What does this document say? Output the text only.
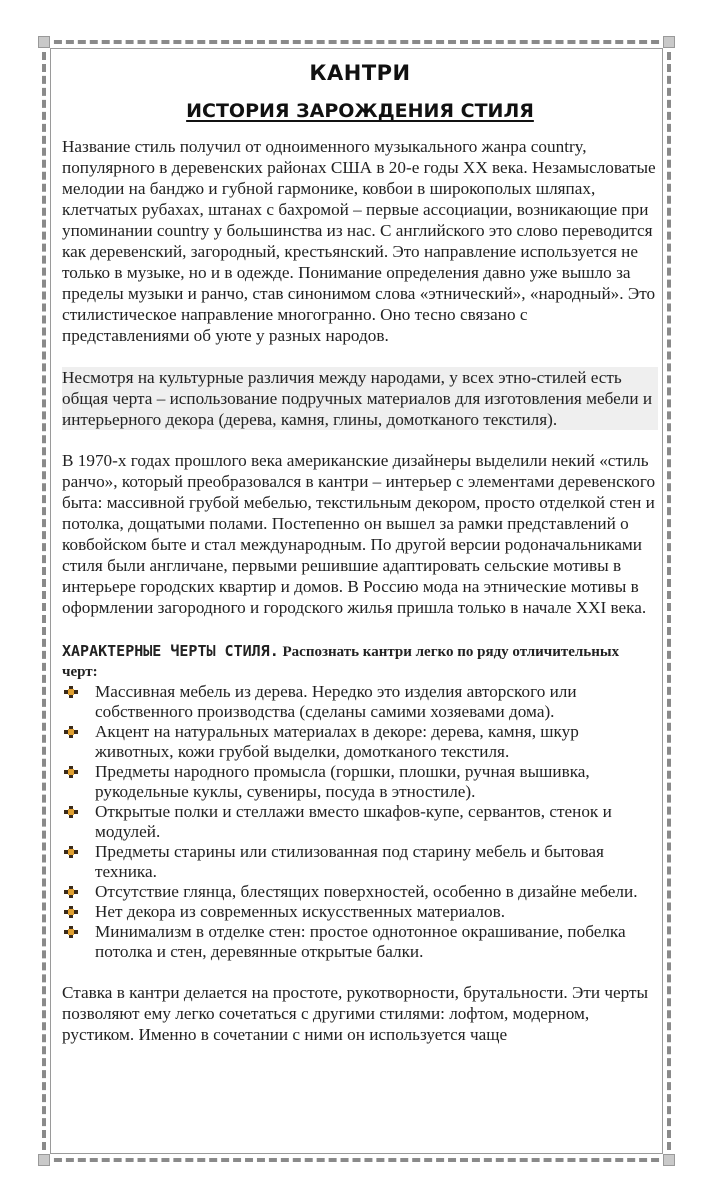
КАНТРИ
ИСТОРИЯ ЗАРОЖДЕНИЯ СТИЛЯ

Название стиль получил от одноименного музыкального жанра country, популярного в деревенских районах США в 20-е годы XX века. Незамысловатые мелодии на банджо и губной гармонике, ковбои в широкополых шляпах, клетчатых рубахах, штанах с бахромой – первые ассоциации, возникающие при упоминании country у большинства из нас. С английского это слово переводится как деревенский, загородный, крестьянский. Это направление используется не только в музыке, но и в одежде. Понимание определения давно уже вышло за пределы музыки и ранчо, став синонимом слова «этнический», «народный». Это стилистическое направление многогранно. Оно тесно связано с представлениями об уюте у разных народов.

Несмотря на культурные различия между народами, у всех этно-стилей есть общая черта – использование подручных материалов для изготовления мебели и интерьерного декора (дерева, камня, глины, домотканого текстиля).

В 1970-х годах прошлого века американские дизайнеры выделили некий «стиль ранчо», который преобразовался в кантри – интерьер с элементами деревенского быта: массивной грубой мебелью, текстильным декором, просто отделкой стен и потолка, дощатыми полами. Постепенно он вышел за рамки представлений о ковбойском быте и стал международным. По другой версии родоначальниками стиля были англичане, первыми решившие адаптировать сельские мотивы в интерьере городских квартир и домов. В Россию мода на этнические мотивы в оформлении загородного и городского жилья пришла только в начале XXI века.

ХАРАКТЕРНЫЕ ЧЕРТЫ СТИЛЯ. Распознать кантри легко по ряду отличительных черт:
Массивная мебель из дерева. Нередко это изделия авторского или собственного производства (сделаны самими хозяевами дома).
Акцент на натуральных материалах в декоре: дерева, камня, шкур животных, кожи грубой выделки, домотканого текстиля.
Предметы народного промысла (горшки, плошки, ручная вышивка, рукодельные куклы, сувениры, посуда в этностиле).
Открытые полки и стеллажи вместо шкафов-купе, сервантов, стенок и модулей.
Предметы старины или стилизованная под старину мебель и бытовая техника.
Отсутствие глянца, блестящих поверхностей, особенно в дизайне мебели.
Нет декора из современных искусственных материалов.
Минимализм в отделке стен: простое однотонное окрашивание, побелка потолка и стен, деревянные открытые балки.

Ставка в кантри делается на простоте, рукотворности, брутальности. Эти черты позволяют ему легко сочетаться с другими стилями: лофтом, модерном, рустиком. Именно в сочетании с ними он используется чаще
